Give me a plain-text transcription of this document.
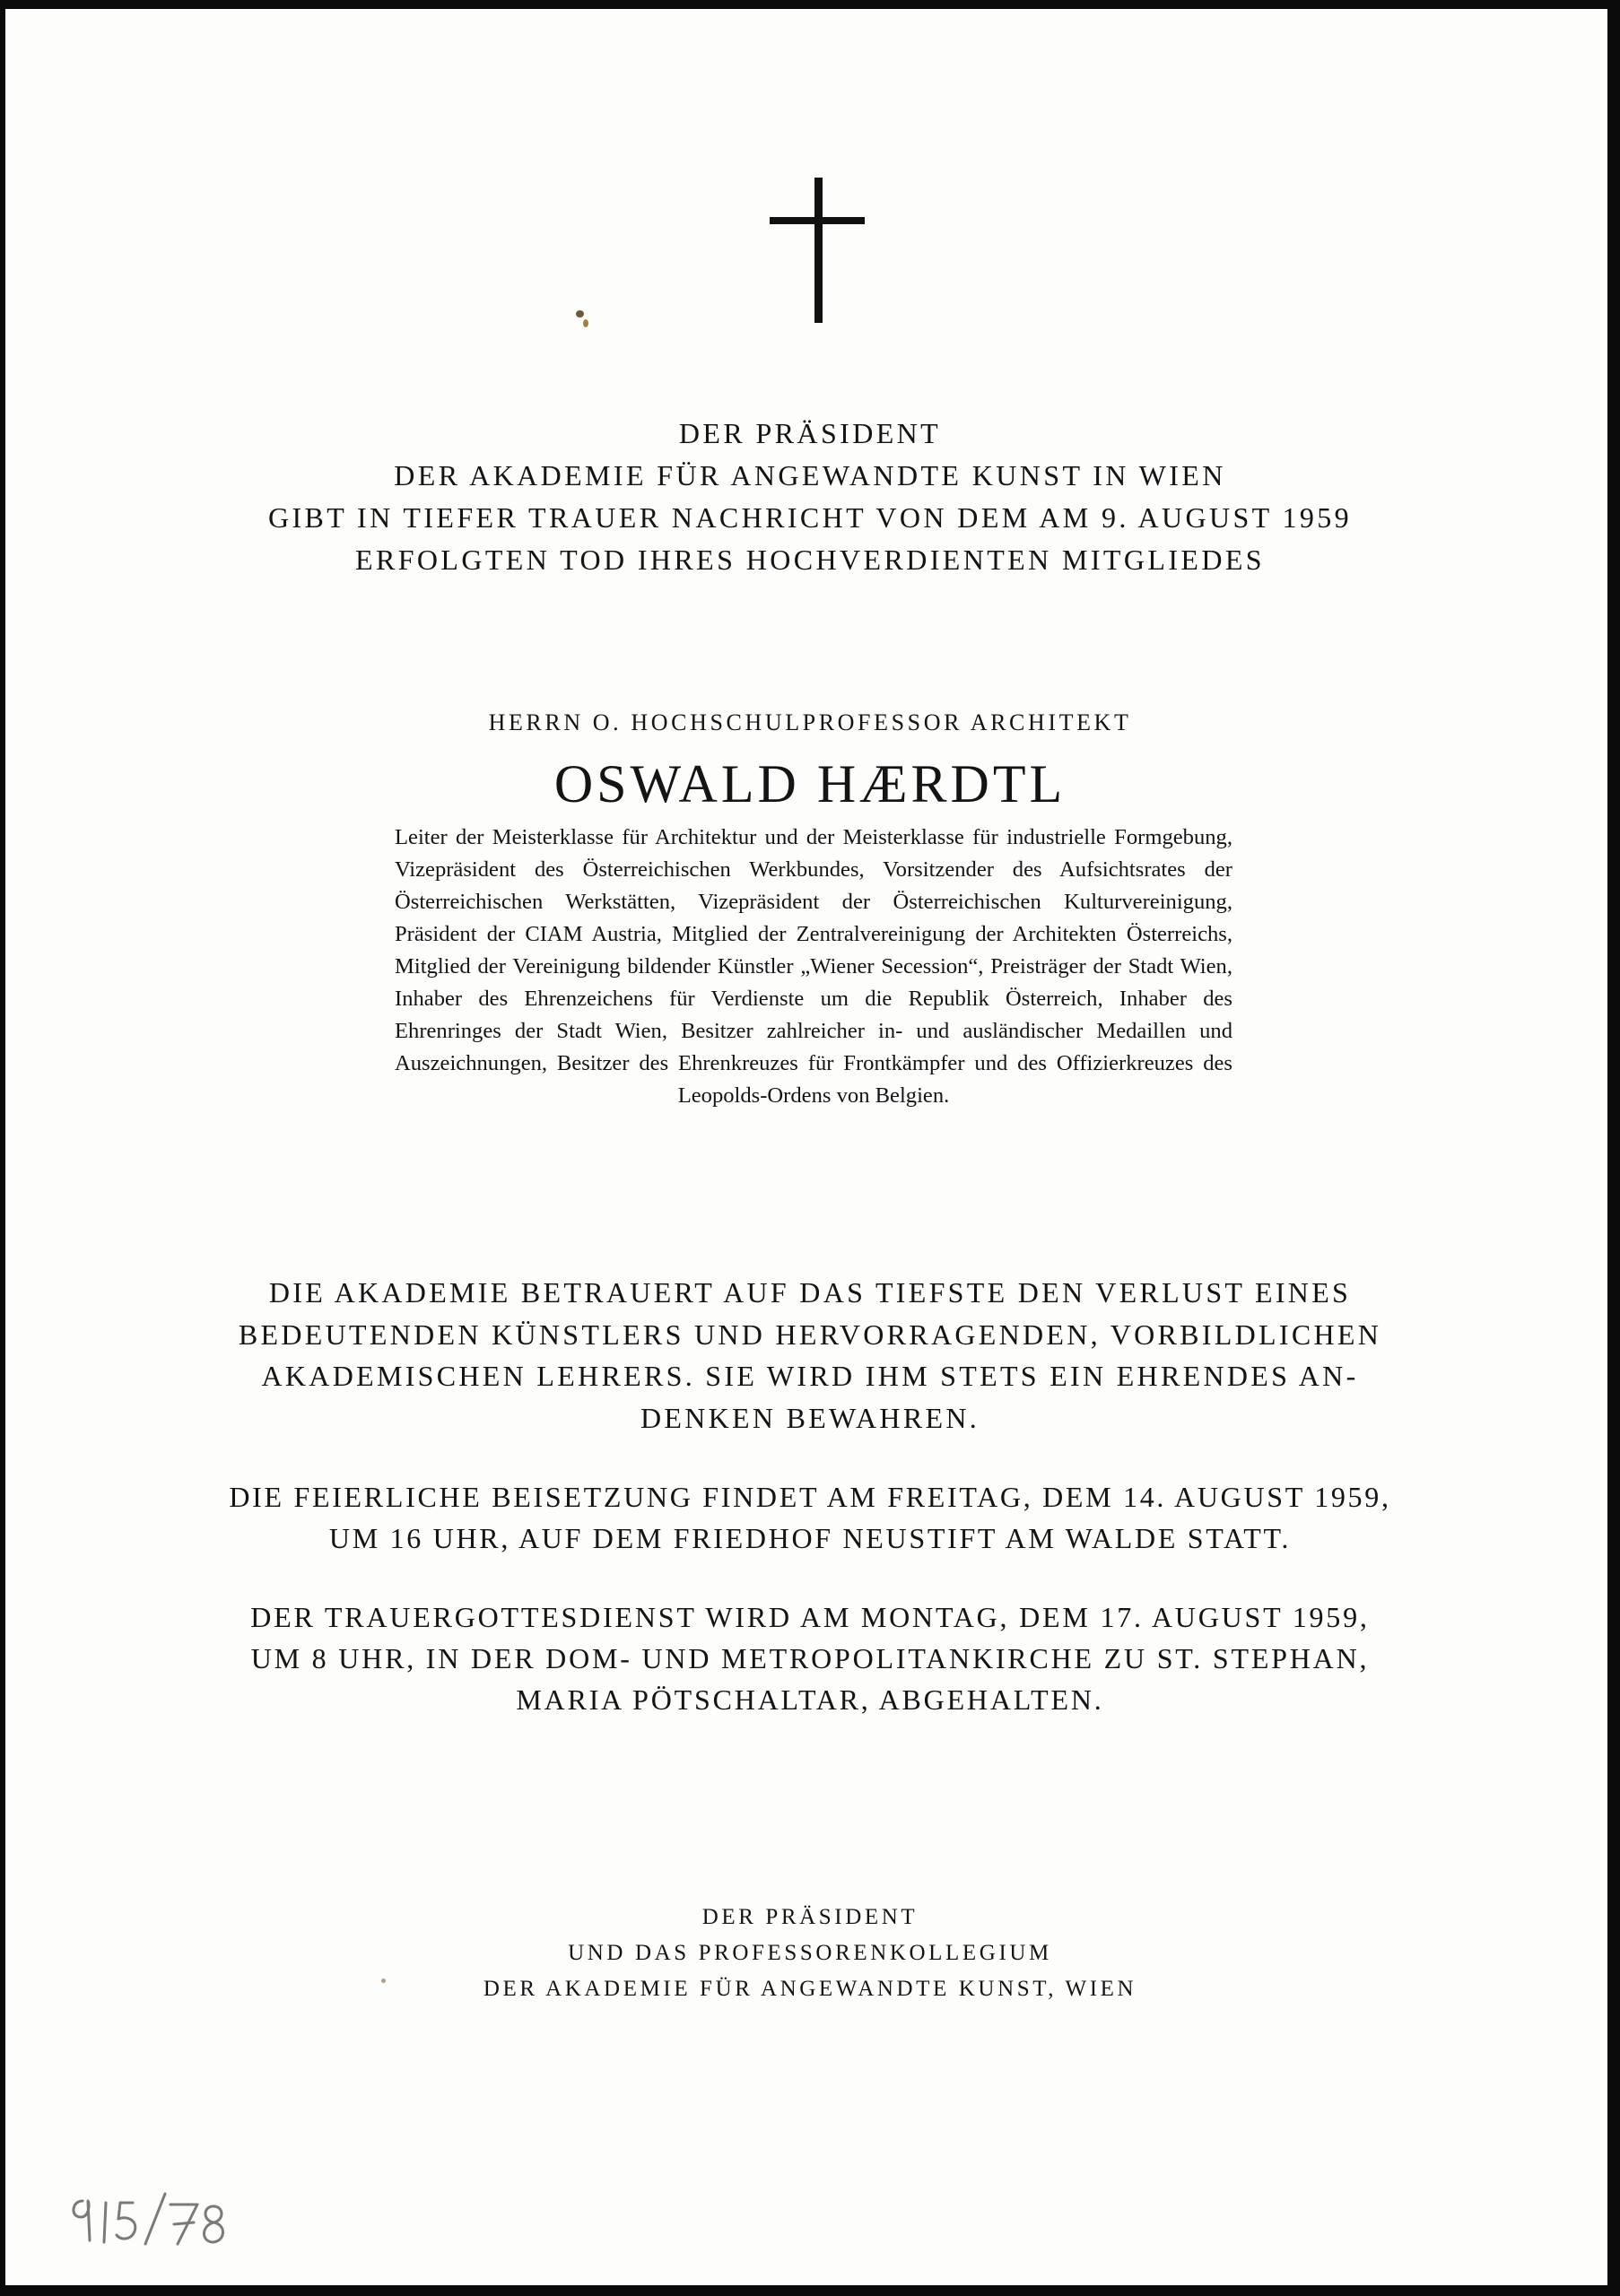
DER PRÄSIDENT
DER AKADEMIE FÜR ANGEWANDTE KUNST IN WIEN
GIBT IN TIEFER TRAUER NACHRICHT VON DEM AM 9. AUGUST 1959
ERFOLGTEN TOD IHRES HOCHVERDIENTEN MITGLIEDES
HERRN O. HOCHSCHULPROFESSOR ARCHITEKT
OSWALD HÆRDTL
Leiter der Meisterklasse für Architektur und der Meisterklasse für industrielle Formgebung, Vizepräsident des Österreichischen Werkbundes, Vorsitzender des Aufsichtsrates der Österreichischen Werkstätten, Vizepräsident der Österreichischen Kulturvereinigung, Präsident der CIAM Austria, Mitglied der Zentralvereinigung der Architekten Österreichs, Mitglied der Vereinigung bildender Künstler „Wiener Secession“, Preisträger der Stadt Wien, Inhaber des Ehrenzeichens für Verdienste um die Republik Österreich, Inhaber des Ehrenringes der Stadt Wien, Besitzer zahlreicher in- und ausländischer Medaillen und Auszeichnungen, Besitzer des Ehrenkreuzes für Frontkämpfer und des Offizierkreuzes des Leopolds-Ordens von Belgien.
DIE AKADEMIE BETRAUERT AUF DAS TIEFSTE DEN VERLUST EINES
BEDEUTENDEN KÜNSTLERS UND HERVORRAGENDEN, VORBILDLICHEN
AKADEMISCHEN LEHRERS. SIE WIRD IHM STETS EIN EHRENDES AN-
DENKEN BEWAHREN.
DIE FEIERLICHE BEISETZUNG FINDET AM FREITAG, DEM 14. AUGUST 1959,
UM 16 UHR, AUF DEM FRIEDHOF NEUSTIFT AM WALDE STATT.
DER TRAUERGOTTESDIENST WIRD AM MONTAG, DEM 17. AUGUST 1959,
UM 8 UHR, IN DER DOM- UND METROPOLITANKIRCHE ZU ST. STEPHAN,
MARIA PÖTSCHALTAR, ABGEHALTEN.
DER PRÄSIDENT
UND DAS PROFESSORENKOLLEGIUM
DER AKADEMIE FÜR ANGEWANDTE KUNST, WIEN
